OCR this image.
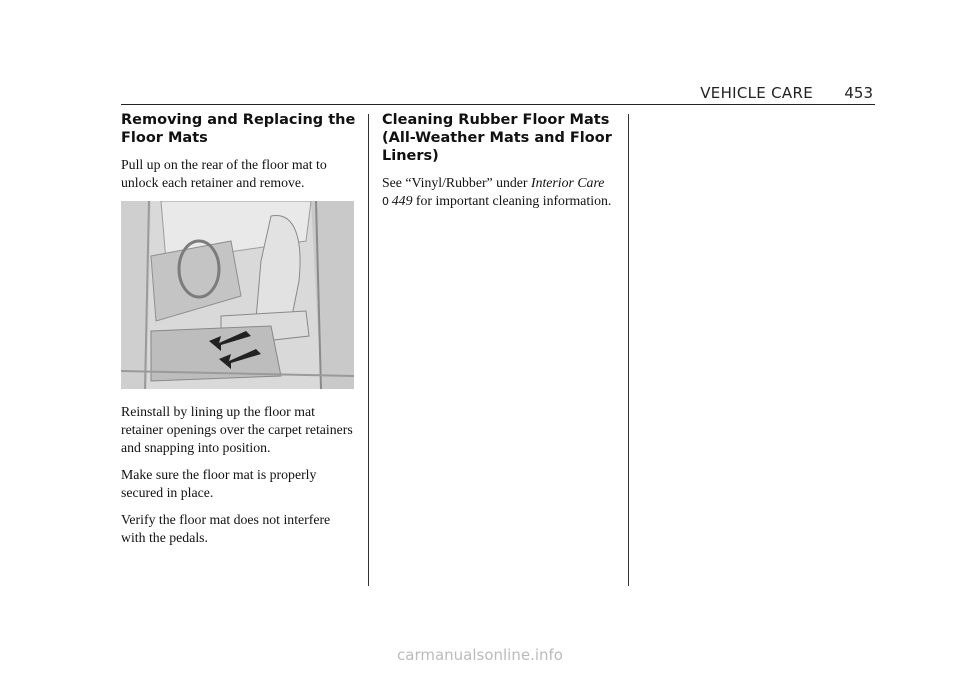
VEHICLE CARE 453
Removing and Replacing the Floor Mats

Pull up on the rear of the floor mat to unlock each retainer and remove.

Reinstall by lining up the floor mat retainer openings over the carpet retainers and snapping into position.

Make sure the floor mat is properly secured in place.

Verify the floor mat does not interfere with the pedals.

Cleaning Rubber Floor Mats (All-Weather Mats and Floor Liners)

See “Vinyl/Rubber” under Interior Care
0  449 for important cleaning information.

carmanualsonline.info
